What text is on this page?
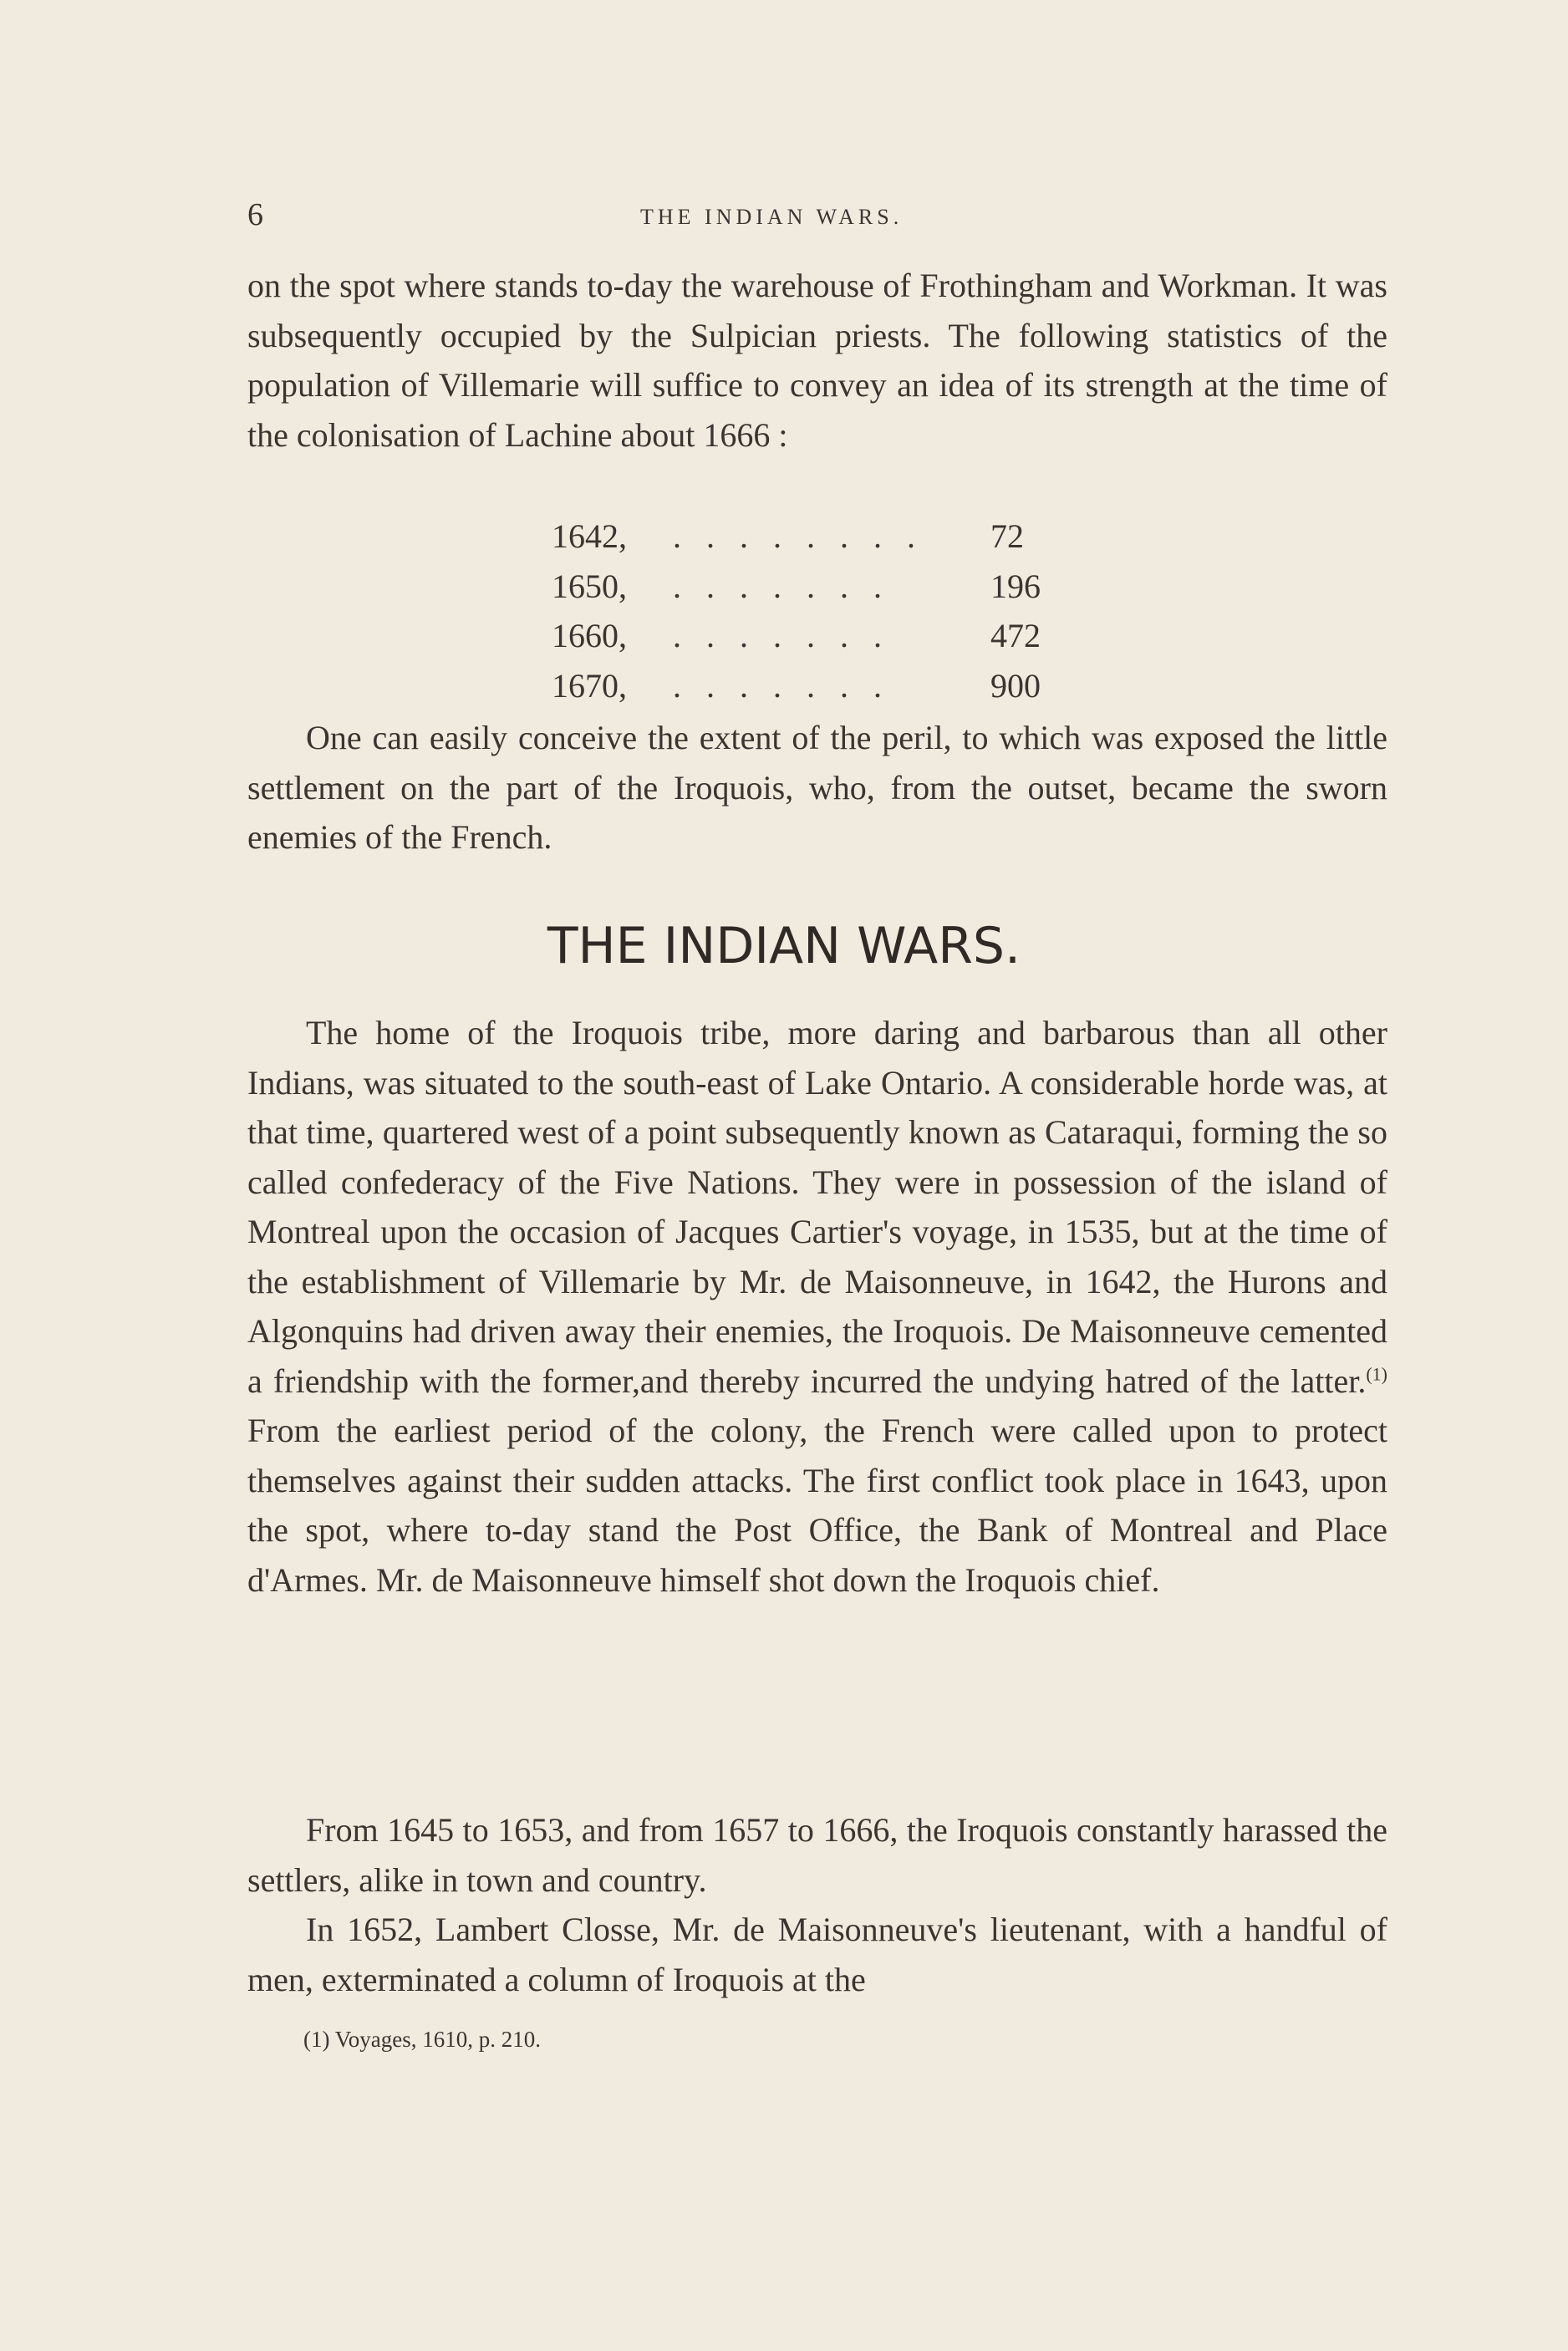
6	THE INDIAN WARS.

on the spot where stands to-day the warehouse of Frothingham and Workman. It was subsequently occupied by the Sulpician priests. The following statistics of the population of Villemarie will suffice to convey an idea of its strength at the time of the colonisation of Lachine about 1666 :

1642,	. . . . . . . .	72
1650,	. . . . . . .	196
1660,	. . . . . . .	472
1670,	. . . . . . .	900

One can easily conceive the extent of the peril, to which was exposed the little settlement on the part of the Iroquois, who, from the outset, became the sworn enemies of the French.

THE INDIAN WARS.

The home of the Iroquois tribe, more daring and barbarous than all other Indians, was situated to the south-east of Lake Ontario. A considerable horde was, at that time, quartered west of a point subsequently known as Cataraqui, forming the so called confederacy of the Five Nations. They were in possession of the island of Montreal upon the occasion of Jacques Cartier's voyage, in 1535, but at the time of the establishment of Villemarie by Mr. de Maisonneuve, in 1642, the Hurons and Algonquins had driven away their enemies, the Iroquois. De Maisonneuve cemented a friendship with the former,and thereby incurred the undying hatred of the latter.$^{(1)}$ From the earliest period of the colony, the French were called upon to protect themselves against their sudden attacks. The first conflict took place in 1643, upon the spot, where to-day stand the Post Office, the Bank of Montreal and Place d'Armes. Mr. de Maisonneuve himself shot down the Iroquois chief.

From 1645 to 1653, and from 1657 to 1666, the Iroquois constantly harassed the settlers, alike in town and country.

In 1652, Lambert Closse, Mr. de Maisonneuve's lieutenant, with a handful of men, exterminated a column of Iroquois at the

(1) Voyages, 1610, p. 210.
